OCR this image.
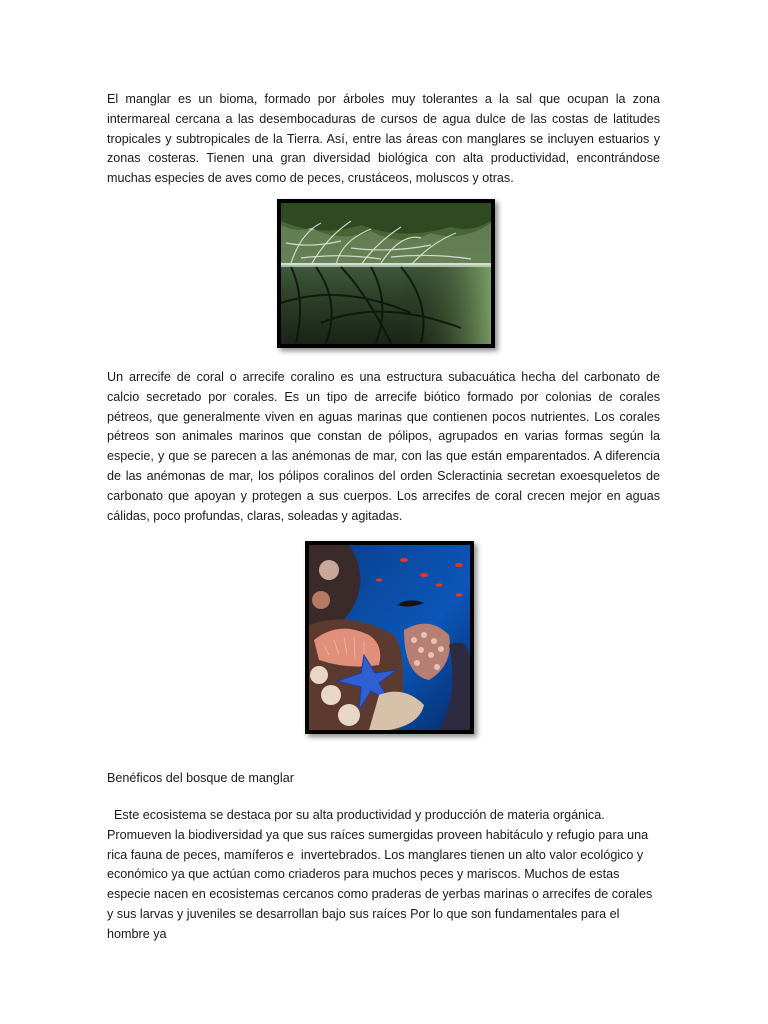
El manglar es un bioma, formado por árboles muy tolerantes a la sal que ocupan la zona intermareal cercana a las desembocaduras de cursos de agua dulce de las costas de latitudes tropicales y subtropicales de la Tierra. Así, entre las áreas con manglares se incluyen estuarios y zonas costeras. Tienen una gran diversidad biológica con alta productividad, encontrándose muchas especies de aves como de peces, crustáceos, moluscos y otras.

Un arrecife de coral o arrecife coralino es una estructura subacuática hecha del carbonato de calcio secretado por corales. Es un tipo de arrecife biótico formado por colonias de corales pétreos, que generalmente viven en aguas marinas que contienen pocos nutrientes. Los corales pétreos son animales marinos que constan de pólipos, agrupados en varias formas según la especie, y que se parecen a las anémonas de mar, con las que están emparentados. A diferencia de las anémonas de mar, los pólipos coralinos del orden Scleractinia secretan exoesqueletos de carbonato que apoyan y protegen a sus cuerpos. Los arrecifes de coral crecen mejor en aguas cálidas, poco profundas, claras, soleadas y agitadas.

Benéficos del bosque de manglar

Este ecosistema se destaca por su alta productividad y producción de materia orgánica. Promueven la biodiversidad ya que sus raíces sumergidas proveen habitáculo y refugio para una rica fauna de peces, mamíferos e  invertebrados. Los manglares tienen un alto valor ecológico y económico ya que actúan como criaderos para muchos peces y mariscos. Muchos de estas especie nacen en ecosistemas cercanos como praderas de yerbas marinas o arrecifes de corales y sus larvas y juveniles se desarrollan bajo sus raíces Por lo que son fundamentales para el hombre ya
